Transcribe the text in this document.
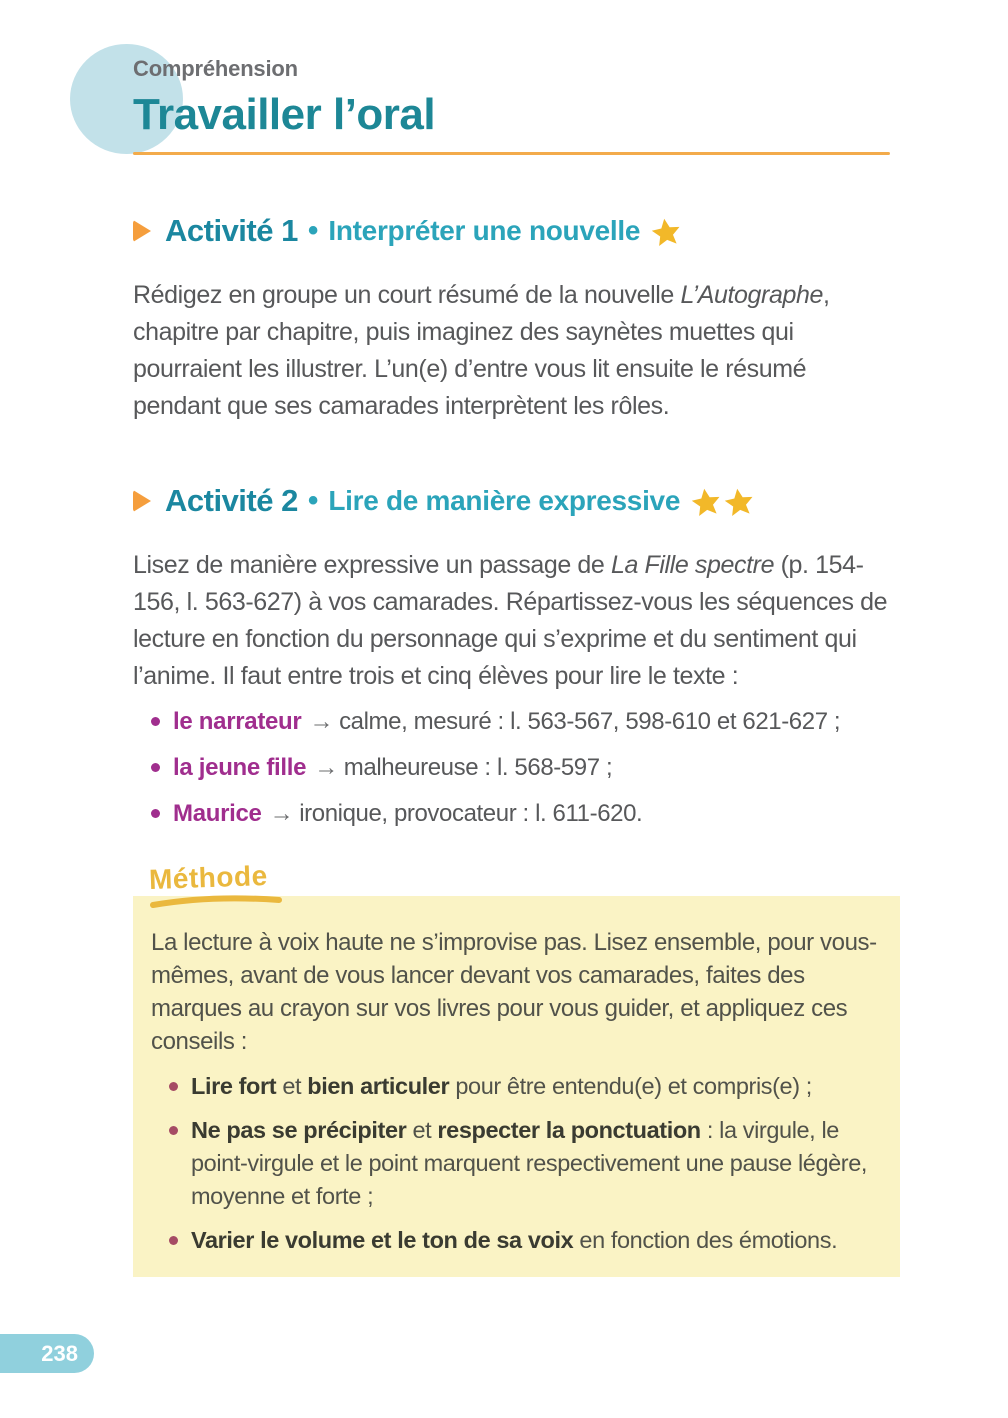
Compréhension
Travailler l’oral
Activité 1 • Interpréter une nouvelle

Rédigez en groupe un court résumé de la nouvelle L’Autographe, chapitre par chapitre, puis imaginez des saynètes muettes qui pourraient les illustrer. L’un(e) d’entre vous lit ensuite le résumé pendant que ses camarades interprètent les rôles.

Activité 2 • Lire de manière expressive

Lisez de manière expressive un passage de La Fille spectre (p. 154-156, l. 563-627) à vos camarades. Répartissez-vous les séquences de lecture en fonction du personnage qui s’exprime et du sentiment qui l’anime. Il faut entre trois et cinq élèves pour lire le texte :

le narrateur → calme, mesuré : l. 563-567, 598-610 et 621-627 ;
la jeune fille → malheureuse : l. 568-597 ;
Maurice → ironique, provocateur : l. 611-620.
Méthode

La lecture à voix haute ne s’improvise pas. Lisez ensemble, pour vous-mêmes, avant de vous lancer devant vos camarades, faites des marques au crayon sur vos livres pour vous guider, et appliquez ces conseils :

Lire fort et bien articuler pour être entendu(e) et compris(e) ;
Ne pas se précipiter et respecter la ponctuation : la virgule, le point-virgule et le point marquent respectivement une pause légère, moyenne et forte ;
Varier le volume et le ton de sa voix en fonction des émotions.
238
